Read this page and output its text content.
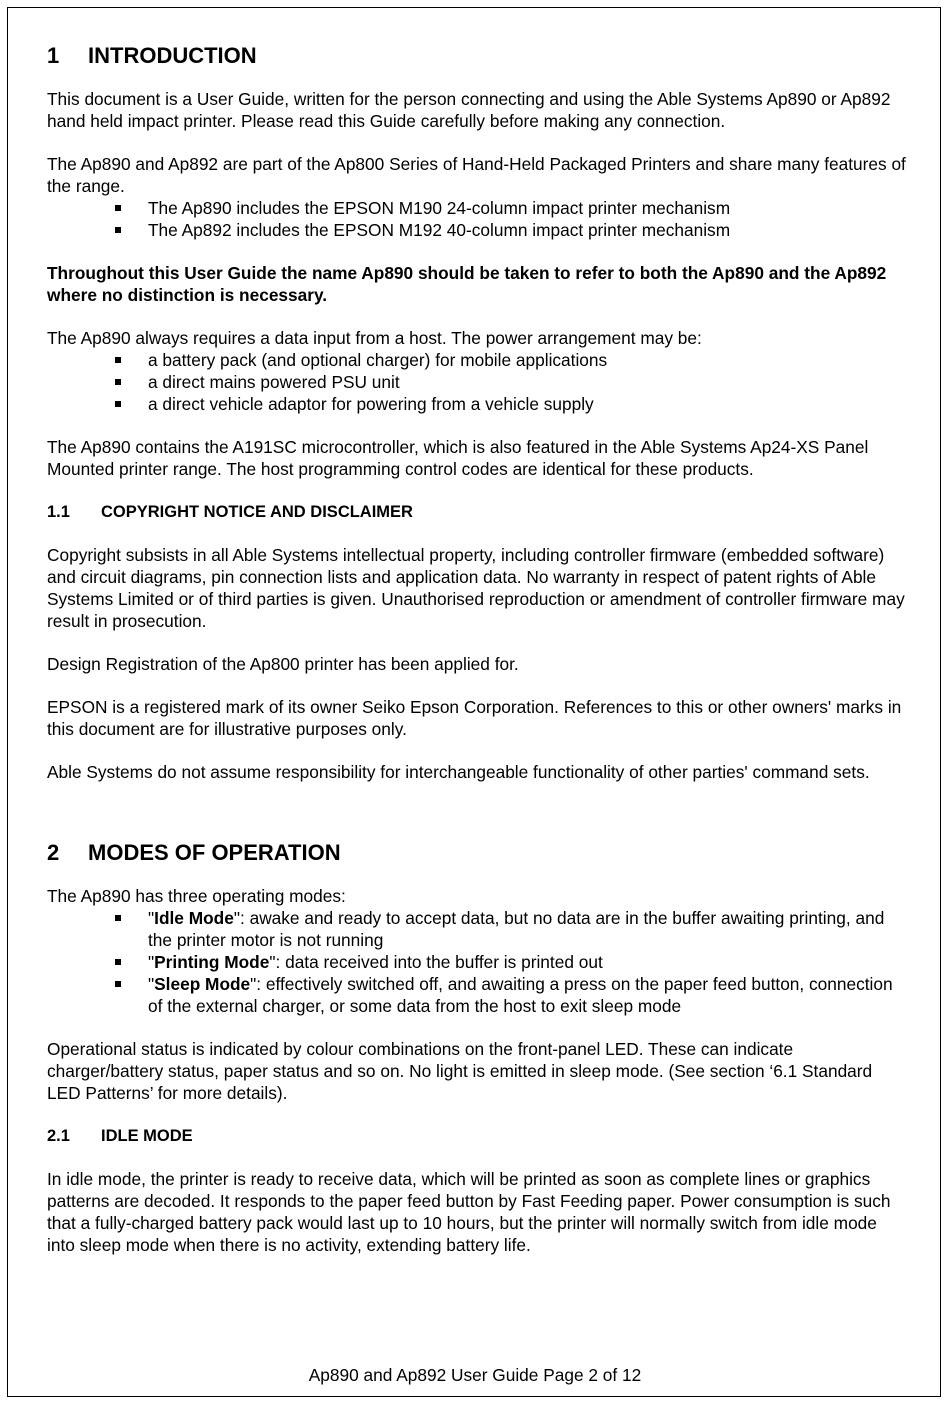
1 INTRODUCTION

This document is a User Guide, written for the person connecting and using the Able Systems Ap890 or Ap892 hand held impact printer. Please read this Guide carefully before making any connection.

The Ap890 and Ap892 are part of the Ap800 Series of Hand-Held Packaged Printers and share many features of the range.

The Ap890 includes the EPSON M190 24-column impact printer mechanism
The Ap892 includes the EPSON M192 40-column impact printer mechanism

Throughout this User Guide the name Ap890 should be taken to refer to both the Ap890 and the Ap892 where no distinction is necessary.

The Ap890 always requires a data input from a host. The power arrangement may be:

a battery pack (and optional charger) for mobile applications
a direct mains powered PSU unit
a direct vehicle adaptor for powering from a vehicle supply

The Ap890 contains the A191SC microcontroller, which is also featured in the Able Systems Ap24-XS Panel Mounted printer range. The host programming control codes are identical for these products.

1.1 COPYRIGHT NOTICE AND DISCLAIMER

Copyright subsists in all Able Systems intellectual property, including controller firmware (embedded software) and circuit diagrams, pin connection lists and application data. No warranty in respect of patent rights of Able Systems Limited or of third parties is given. Unauthorised reproduction or amendment of controller firmware may result in prosecution.

Design Registration of the Ap800 printer has been applied for.

EPSON is a registered mark of its owner Seiko Epson Corporation. References to this or other owners' marks in this document are for illustrative purposes only.

Able Systems do not assume responsibility for interchangeable functionality of other parties' command sets.

2 MODES OF OPERATION

The Ap890 has three operating modes:

"Idle Mode": awake and ready to accept data, but no data are in the buffer awaiting printing, and the printer motor is not running
"Printing Mode": data received into the buffer is printed out
"Sleep Mode": effectively switched off, and awaiting a press on the paper feed button, connection of the external charger, or some data from the host to exit sleep mode

Operational status is indicated by colour combinations on the front-panel LED. These can indicate charger/battery status, paper status and so on. No light is emitted in sleep mode. (See section ‘6.1 Standard LED Patterns’ for more details).

2.1 IDLE MODE

In idle mode, the printer is ready to receive data, which will be printed as soon as complete lines or graphics patterns are decoded. It responds to the paper feed button by Fast Feeding paper. Power consumption is such that a fully-charged battery pack would last up to 10 hours, but the printer will normally switch from idle mode into sleep mode when there is no activity, extending battery life.

Ap890 and Ap892 User Guide Page 2 of 12
